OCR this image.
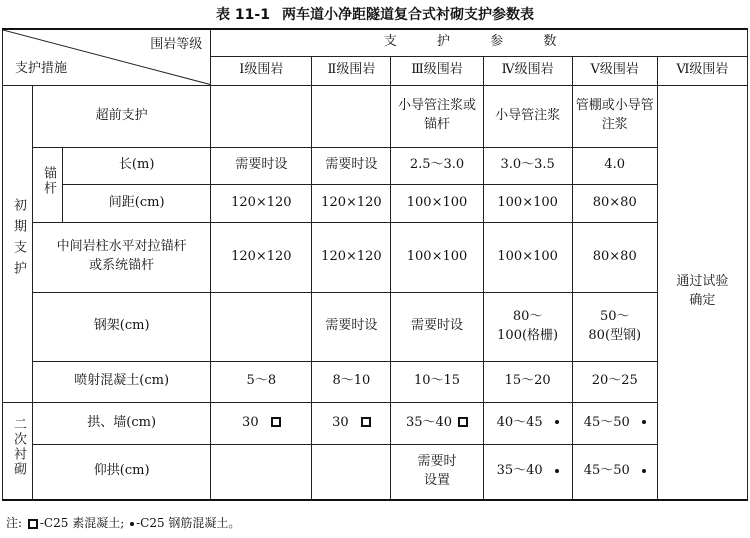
表 11-1 两车道小净距隧道复合式衬砌支护参数表
围岩等级
支护措施			支 护 参 数					
			Ⅰ级围岩	Ⅱ级围岩	Ⅲ级围岩	Ⅳ级围岩	Ⅴ级围岩	Ⅵ级围岩
初期支护	超前支护				小导管注浆或锚杆	小导管注浆	管棚或小导管注浆	通过试验确定
	锚杆	长(m)	需要时设	需要时设	2.5～3.0	3.0～3.5	4.0	
		间距(cm)	120×120	120×120	100×100	100×100	80×80	
	中间岩柱水平对拉锚杆或系统锚杆		120×120	120×120	100×100	100×100	80×80	
	钢架(cm)			需要时设	需要时设	80～100(格栅)	50～80(型钢)	
	喷射混凝土(cm)		5～8	8～10	10～15	15～20	20～25	
二次衬砌	拱、墙(cm)		30	30	35～40	40～45	45～50	
	仰拱(cm)				需要时设置	35～40	45～50	
注: -C25 素混凝土; -C25 钢筋混凝土。
